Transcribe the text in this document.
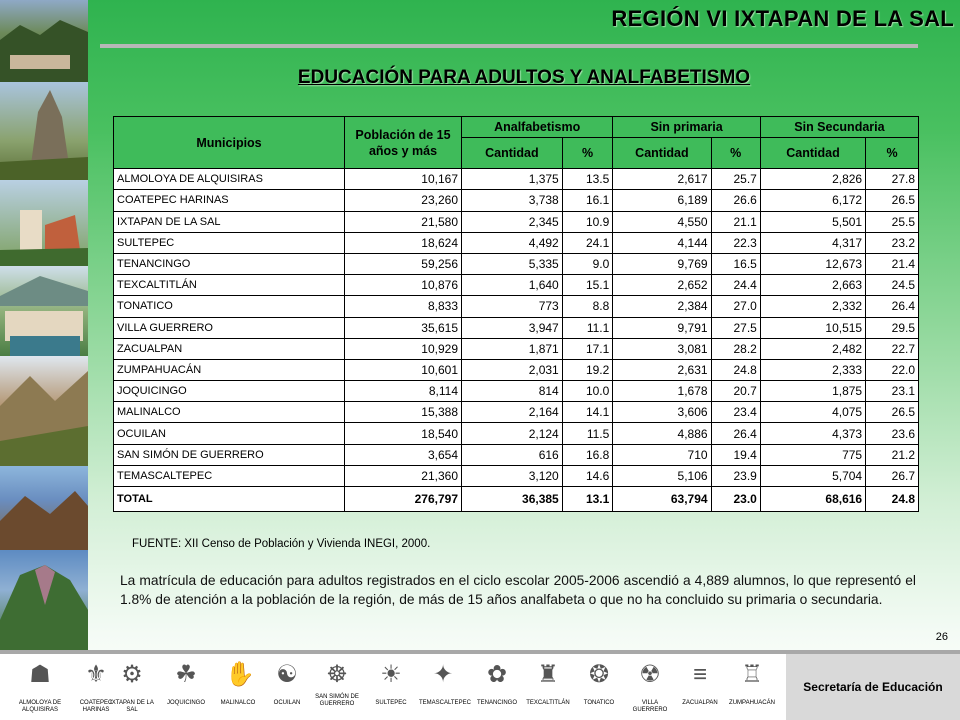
REGIÓN VI IXTAPAN DE LA SAL
EDUCACIÓN PARA ADULTOS Y ANALFABETISMO
Municipios	Población de 15 años y más	Analfabetismo		Sin primaria		Sin Secundaria	
		Cantidad	%	Cantidad	%	Cantidad	%
ALMOLOYA DE ALQUISIRAS	10,167	1,375	13.5	2,617	25.7	2,826	27.8
COATEPEC HARINAS	23,260	3,738	16.1	6,189	26.6	6,172	26.5
IXTAPAN DE LA SAL	21,580	2,345	10.9	4,550	21.1	5,501	25.5
SULTEPEC	18,624	4,492	24.1	4,144	22.3	4,317	23.2
TENANCINGO	59,256	5,335	9.0	9,769	16.5	12,673	21.4
TEXCALTITLÁN	10,876	1,640	15.1	2,652	24.4	2,663	24.5
TONATICO	8,833	773	8.8	2,384	27.0	2,332	26.4
VILLA GUERRERO	35,615	3,947	11.1	9,791	27.5	10,515	29.5
ZACUALPAN	10,929	1,871	17.1	3,081	28.2	2,482	22.7
ZUMPAHUACÁN	10,601	2,031	19.2	2,631	24.8	2,333	22.0
JOQUICINGO	8,114	814	10.0	1,678	20.7	1,875	23.1
MALINALCO	15,388	2,164	14.1	3,606	23.4	4,075	26.5
OCUILAN	18,540	2,124	11.5	4,886	26.4	4,373	23.6
SAN SIMÓN DE GUERRERO	3,654	616	16.8	710	19.4	775	21.2
TEMASCALTEPEC	21,360	3,120	14.6	5,106	23.9	5,704	26.7
TOTAL	276,797	36,385	13.1	63,794	23.0	68,616	24.8
FUENTE: XII Censo de Población y Vivienda INEGI, 2000.
La matrícula de educación para adultos registrados en el ciclo escolar 2005-2006 ascendió a 4,889 alumnos, lo que representó el 1.8% de atención a la población de la región, de más de 15 años analfabeta o que no ha concluido su primaria o secundaria.
26
☗
ALMOLOYA DE ALQUISIRAS
⚜
COATEPEC HARINAS
⚙
IXTAPAN DE LA SAL
☘
JOQUICINGO
✋
MALINALCO
☯
OCUILAN
☸
SAN SIMÓN DE GUERRERO
☀
SULTEPEC
✦
TEMASCALTEPEC
✿
TENANCINGO
♜
TEXCALTITLÁN
❂
TONATICO
☢
VILLA GUERRERO
≡
ZACUALPAN
♖
ZUMPAHUACÁN
Secretaría de Educación
